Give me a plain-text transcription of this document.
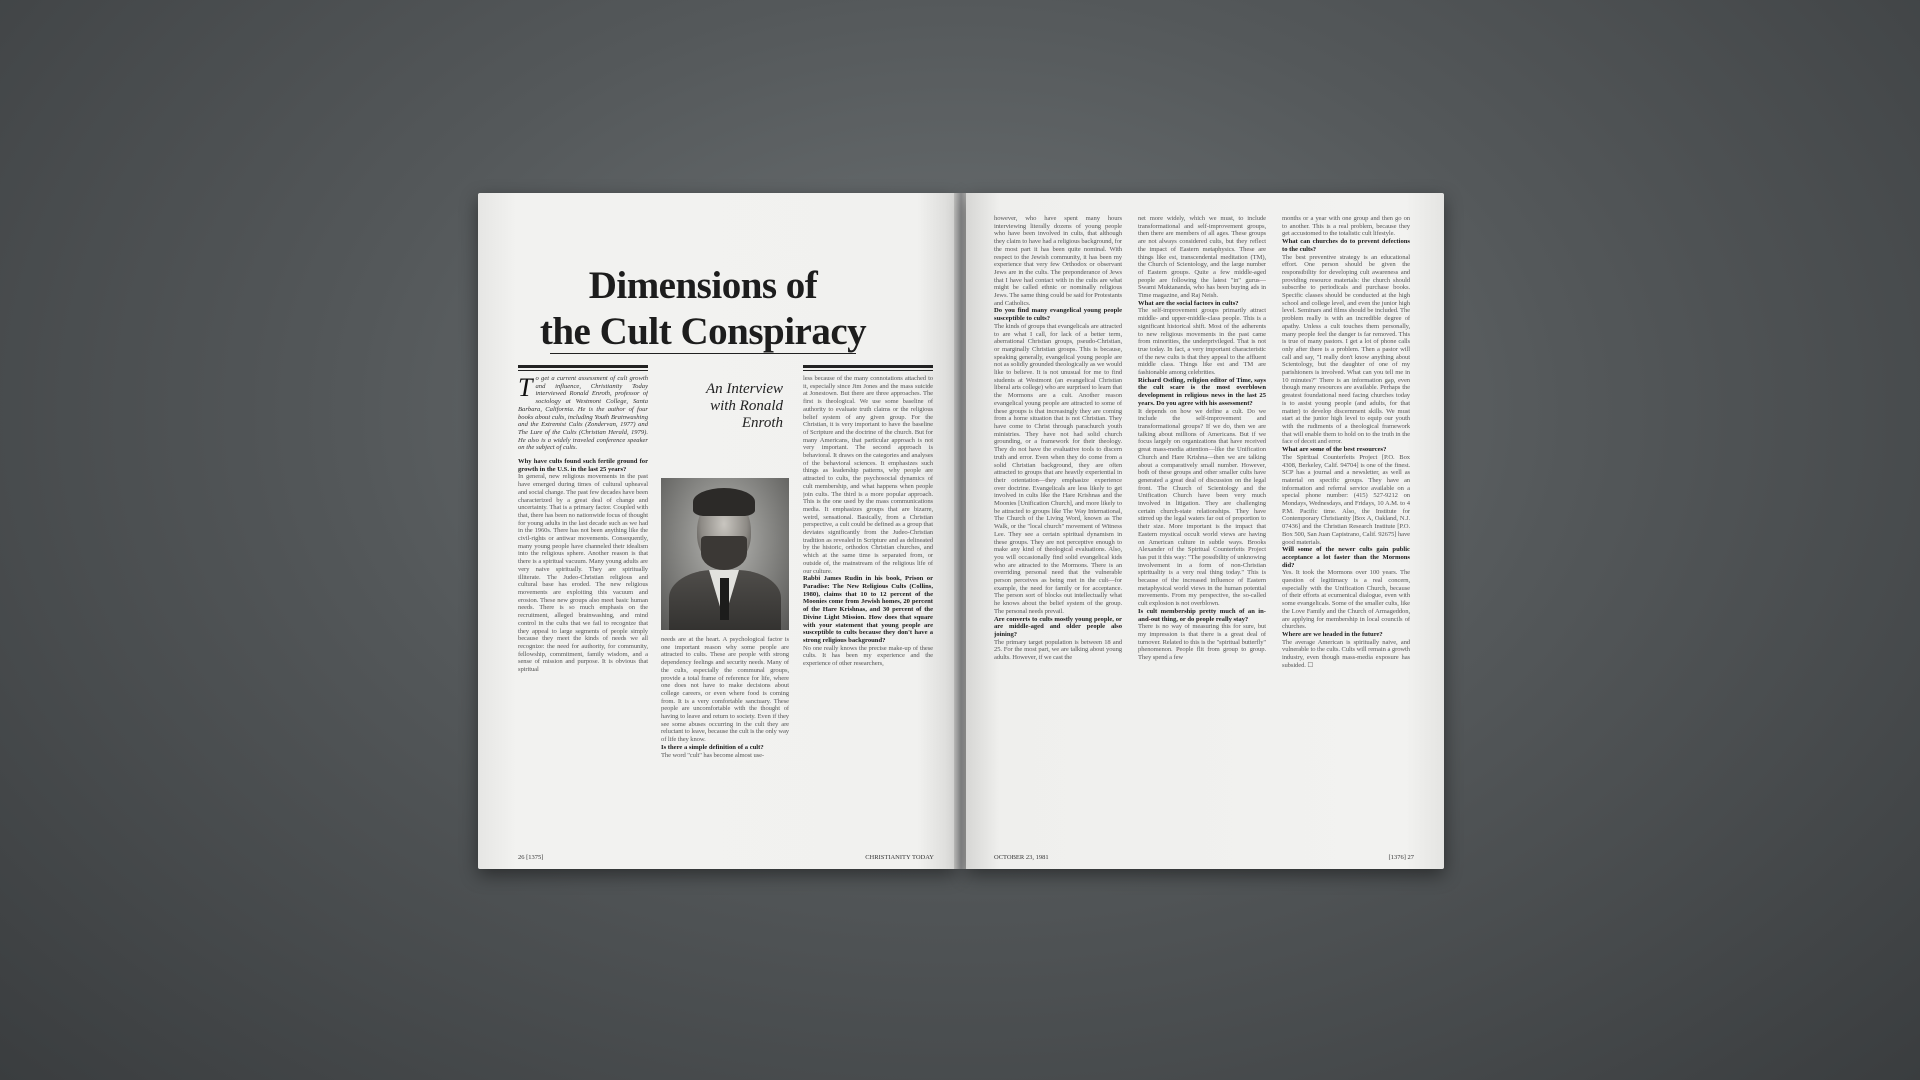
Dimensions of
the Cult Conspiracy
An Interview with Ronald Enroth

To get a current assessment of cult growth and influence, Christianity Today interviewed Ronald Enroth, professor of sociology at Westmont College, Santa Barbara, California. He is the author of four books about cults, including Youth Brainwashing and the Extremist Cults (Zondervan, 1977) and The Lure of the Cults (Christian Herald, 1979). He also is a widely traveled conference speaker on the subject of cults.

Why have cults found such fertile ground for growth in the U.S. in the last 25 years?

In general, new religious movements in the past have emerged during times of cultural upheaval and social change. The past few decades have been characterized by a great deal of change and uncertainty. That is a primary factor. Coupled with that, there has been no nationwide focus of thought for young adults in the last decade such as we had in the 1960s. There has not been anything like the civil-rights or antiwar movements. Consequently, many young people have channeled their idealism into the religious sphere. Another reason is that there is a spiritual vacuum. Many young adults are very naive spiritually. They are spiritually illiterate. The Judeo-Christian religious and cultural base has eroded. The new religious movements are exploiting this vacuum and erosion. These new groups also meet basic human needs. There is so much emphasis on the recruitment, alleged brainwashing, and mind control in the cults that we fail to recognize that they appeal to large segments of people simply because they meet the kinds of needs we all recognize: the need for authority, for community, fellowship, commitment, family wisdom, and a sense of mission and purpose. It is obvious that spiritual

needs are at the heart. A psychological factor is one important reason why some people are attracted to cults. These are people with strong dependency feelings and security needs. Many of the cults, especially the communal groups, provide a total frame of reference for life, where one does not have to make decisions about college careers, or even where food is coming from. It is a very comfortable sanctuary. These people are uncomfortable with the thought of having to leave and return to society. Even if they see some abuses occurring in the cult they are reluctant to leave, because the cult is the only way of life they know.

Is there a simple definition of a cult?

The word "cult" has become almost use-

less because of the many connotations attached to it, especially since Jim Jones and the mass suicide at Jonestown. But there are three approaches. The first is theological. We use some baseline of authority to evaluate truth claims or the religious belief system of any given group. For the Christian, it is very important to have the baseline of Scripture and the doctrine of the church. But for many Americans, that particular approach is not very important. The second approach is behavioral. It draws on the categories and analyses of the behavioral sciences. It emphasizes such things as leadership patterns, why people are attracted to cults, the psychosocial dynamics of cult membership, and what happens when people join cults. The third is a more popular approach. This is the one used by the mass communications media. It emphasizes groups that are bizarre, weird, sensational. Basically, from a Christian perspective, a cult could be defined as a group that deviates significantly from the Judeo-Christian tradition as revealed in Scripture and as delineated by the historic, orthodox Christian churches, and which at the same time is separated from, or outside of, the mainstream of the religious life of our culture.

Rabbi James Rudin in his book, Prison or Paradise: The New Religious Cults (Collins, 1980), claims that 10 to 12 percent of the Moonies come from Jewish homes, 20 percent of the Hare Krishnas, and 30 percent of the Divine Light Mission. How does that square with your statement that young people are susceptible to cults because they don't have a strong religious background?

No one really knows the precise make-up of these cults. It has been my experience and the experience of other researchers,

26 [1375]	CHRISTIANITY TODAY

however, who have spent many hours interviewing literally dozens of young people who have been involved in cults, that although they claim to have had a religious background, for the most part it has been quite nominal. With respect to the Jewish community, it has been my experience that very few Orthodox or observant Jews are in the cults. The preponderance of Jews that I have had contact with in the cults are what might be called ethnic or nominally religious Jews. The same thing could be said for Protestants and Catholics.

Do you find many evangelical young people susceptible to cults?

The kinds of groups that evangelicals are attracted to are what I call, for lack of a better term, aberrational Christian groups, pseudo-Christian, or marginally Christian groups. This is because, speaking generally, evangelical young people are not as solidly grounded theologically as we would like to believe. It is not unusual for me to find students at Westmont (an evangelical Christian liberal arts college) who are surprised to learn that the Mormons are a cult. Another reason evangelical young people are attracted to some of these groups is that increasingly they are coming from a home situation that is not Christian. They have come to Christ through parachurch youth ministries. They have not had solid church grounding, or a framework for their theology. They do not have the evaluative tools to discern truth and error. Even when they do come from a solid Christian background, they are often attracted to groups that are heavily experiential in their orientation—they emphasize experience over doctrine. Evangelicals are less likely to get involved in cults like the Hare Krishnas and the Moonies [Unification Church], and more likely to be attracted to groups like The Way International, The Church of the Living Word, known as The Walk, or the "local church" movement of Witness Lee. They see a certain spiritual dynamism in these groups. They are not perceptive enough to make any kind of theological evaluations. Also, you will occasionally find solid evangelical kids who are attracted to the Mormons. There is an overriding personal need that the vulnerable person perceives as being met in the cult—for example, the need for family or for acceptance. The person sort of blocks out intellectually what he knows about the belief system of the group. The personal needs prevail.

Are converts to cults mostly young people, or are middle-aged and older people also joining?

The primary target population is between 18 and 25. For the most part, we are talking about young adults. However, if we cast the

net more widely, which we must, to include transformational and self-improvement groups, then there are members of all ages. These groups are not always considered cults, but they reflect the impact of Eastern metaphysics. These are things like est, transcendental meditation (TM), the Church of Scientology, and the large number of Eastern groups. Quite a few middle-aged people are following the latest "in" gurus—Swami Muktananda, who has been buying ads in Time magazine, and Raj Neish.

What are the social factors in cults?

The self-improvement groups primarily attract middle- and upper-middle-class people. This is a significant historical shift. Most of the adherents to new religious movements in the past came from minorities, the underprivileged. That is not true today. In fact, a very important characteristic of the new cults is that they appeal to the affluent middle class. Things like est and TM are fashionable among celebrities.

Richard Ostling, religion editor of Time, says the cult scare is the most overblown development in religious news in the last 25 years. Do you agree with his assessment?

It depends on how we define a cult. Do we include the self-improvement and transformational groups? If we do, then we are talking about millions of Americans. But if we focus largely on organizations that have received great mass-media attention—like the Unification Church and Hare Krishna—then we are talking about a comparatively small number. However, both of these groups and other smaller cults have generated a great deal of discussion on the legal front. The Church of Scientology and the Unification Church have been very much involved in litigation. They are challenging certain church-state relationships. They have stirred up the legal waters far out of proportion to their size. More important is the impact that Eastern mystical occult world views are having on American culture in subtle ways. Brooks Alexander of the Spiritual Counterfeits Project has put it this way: "The possibility of unknowing involvement in a form of non-Christian spirituality is a very real thing today." This is because of the increased influence of Eastern metaphysical world views in the human potential movements. From my perspective, the so-called cult explosion is not overblown.

Is cult membership pretty much of an in-and-out thing, or do people really stay?

There is no way of measuring this for sure, but my impression is that there is a great deal of turnover. Related to this is the "spiritual butterfly" phenomenon. People flit from group to group. They spend a few

months or a year with one group and then go on to another. This is a real problem, because they get accustomed to the totalistic cult lifestyle.

What can churches do to prevent defections to the cults?

The best preventive strategy is an educational effort. One person should be given the responsibility for developing cult awareness and providing resource materials: the church should subscribe to periodicals and purchase books. Specific classes should be conducted at the high school and college level, and even the junior high level. Seminars and films should be included. The problem really is with an incredible degree of apathy. Unless a cult touches them personally, many people feel the danger is far removed. This is true of many pastors. I get a lot of phone calls only after there is a problem. Then a pastor will call and say, "I really don't know anything about Scientology, but the daughter of one of my parishioners is involved. What can you tell me in 10 minutes?" There is an information gap, even though many resources are available. Perhaps the greatest foundational need facing churches today is to assist young people (and adults, for that matter) to develop discernment skills. We must start at the junior high level to equip our youth with the rudiments of a theological framework that will enable them to hold on to the truth in the face of deceit and error.

What are some of the best resources?

The Spiritual Counterfeits Project [P.O. Box 4308, Berkeley, Calif. 94704] is one of the finest. SCP has a journal and a newsletter, as well as material on specific groups. They have an information and referral service available on a special phone number: (415) 527-9212 on Mondays, Wednesdays, and Fridays, 10 A.M. to 4 P.M. Pacific time. Also, the Institute for Contemporary Christianity [Box A, Oakland, N.J. 07436] and the Christian Research Institute [P.O. Box 500, San Juan Capistrano, Calif. 92675] have good materials.

Will some of the newer cults gain public acceptance a lot faster than the Mormons did?

Yes. It took the Mormons over 100 years. The question of legitimacy is a real concern, especially with the Unification Church, because of their efforts at ecumenical dialogue, even with some evangelicals. Some of the smaller cults, like the Love Family and the Church of Armageddon, are applying for membership in local councils of churches.

Where are we headed in the future?

The average American is spiritually naive, and vulnerable to the cults. Cults will remain a growth industry, even though mass-media exposure has subsided. ☐

OCTOBER 23, 1981	[1376] 27
